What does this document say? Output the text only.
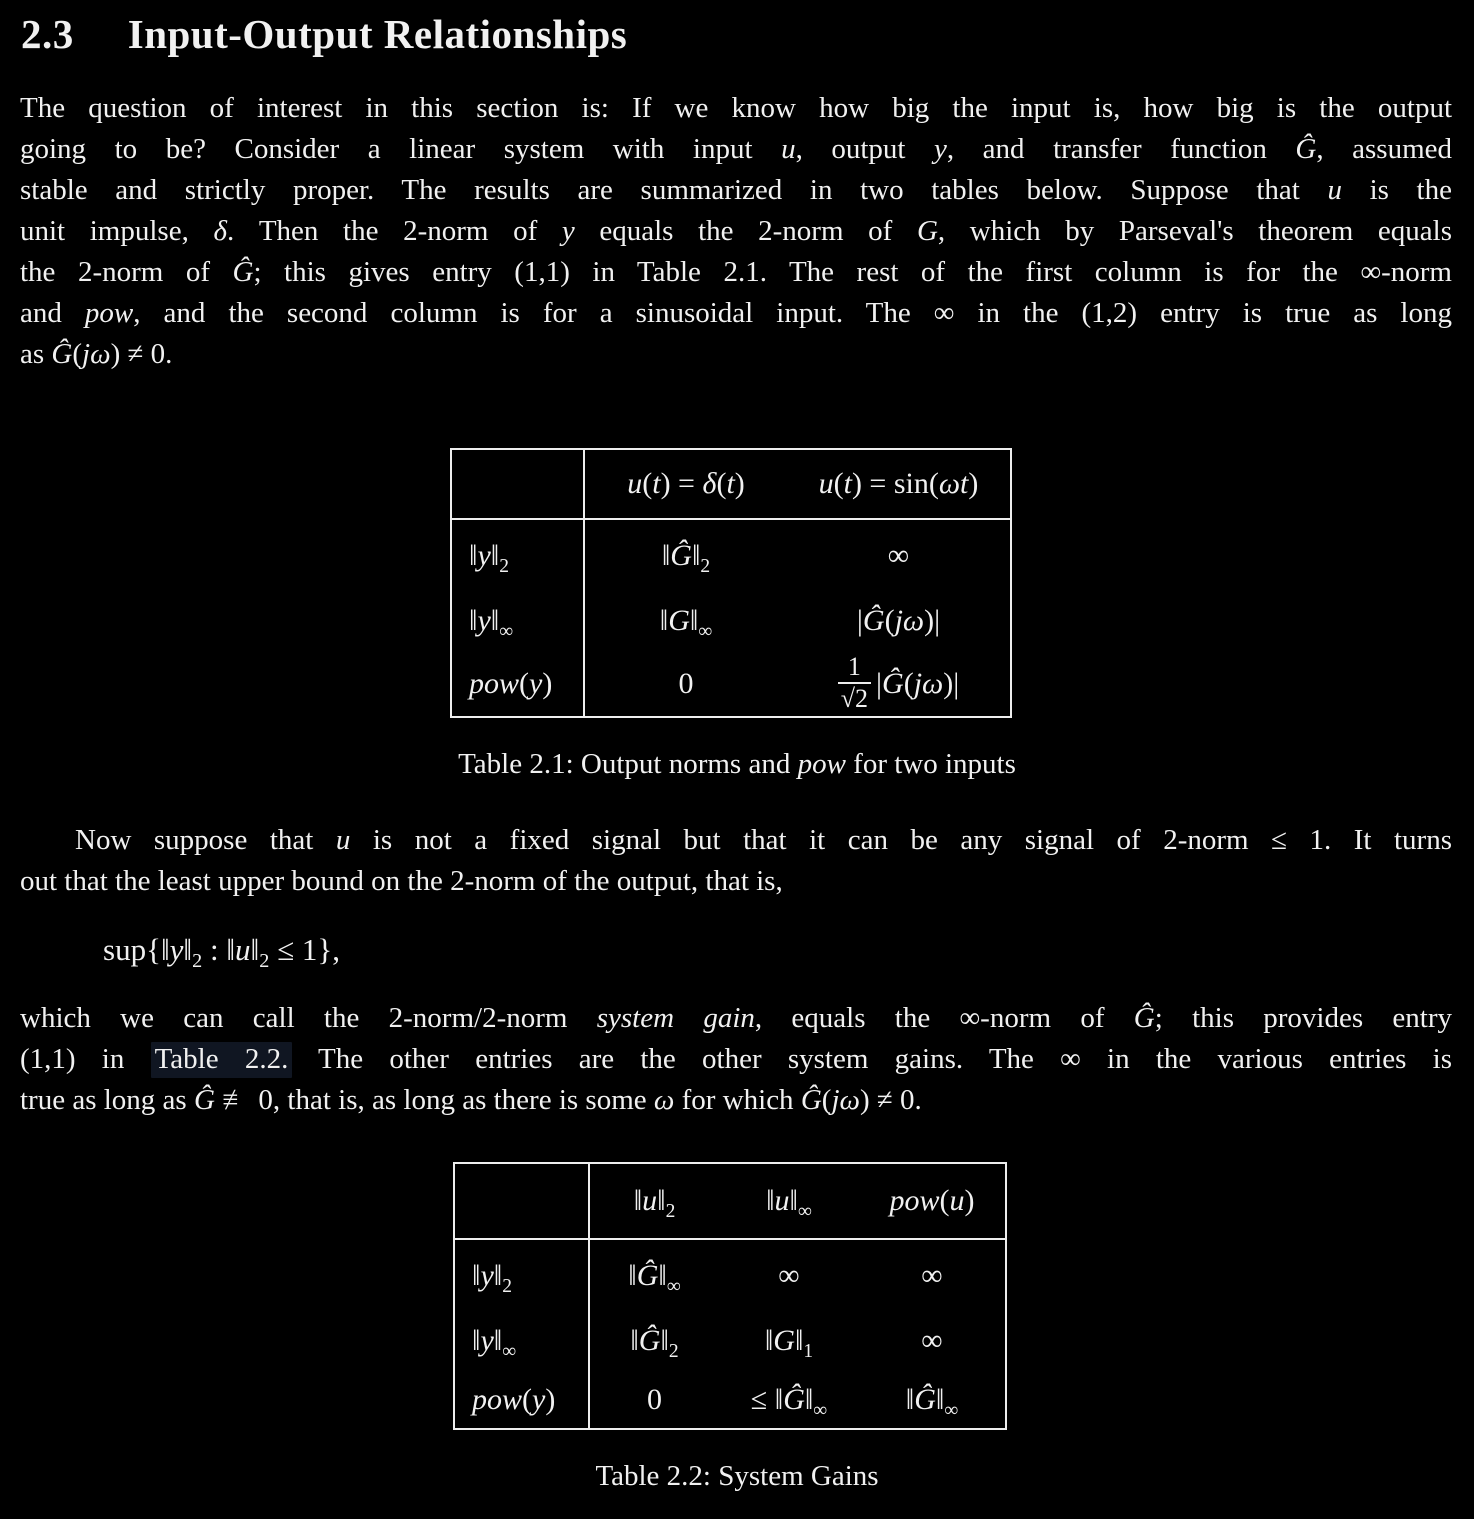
2.3 Input-Output Relationships
The question of interest in this section is: If we know how big the input is, how big is the output
going to be? Consider a linear system with input u, output y, and transfer function Ĝ, assumed
stable and strictly proper. The results are summarized in two tables below. Suppose that u is the
unit impulse, δ. Then the 2-norm of y equals the 2-norm of G, which by Parseval's theorem equals
the 2-norm of Ĝ; this gives entry (1,1) in Table 2.1. The rest of the first column is for the ∞-norm
and pow, and the second column is for a sinusoidal input. The ∞ in the (1,2) entry is true as long
as Ĝ(jω) ≠ 0.
	u(t) = δ(t)	u(t) = sin(ωt)
$‖y‖_2$	$‖Ĝ‖_2$	∞
$‖y‖_\infty$	$‖G‖_\infty$	|Ĝ(jω)|
pow(y)	0	$\frac{1}{√2}$ |Ĝ(jω)|
Table 2.1: Output norms and pow for two inputs
Now suppose that u is not a fixed signal but that it can be any signal of 2-norm ≤ 1. It turns
out that the least upper bound on the 2-norm of the output, that is,
$sup\{‖y‖_2$ : $‖u‖_2 \le 1$},
which we can call the 2-norm/2-norm system gain, equals the ∞-norm of Ĝ; this provides entry
(1,1) in Table 2.2. The other entries are the other system gains. The ∞ in the various entries is
true as long as Ĝ ≢ 0, that is, as long as there is some ω for which Ĝ(jω) ≠ 0.
	$‖u‖_2$	$‖u‖_\infty$	pow(u)
$‖y‖_2$	$‖Ĝ‖_\infty$	∞	∞
$‖y‖_\infty$	$‖Ĝ‖_2$	$‖G‖_1$	∞
pow(y)	0	≤ $‖Ĝ‖_\infty$	$‖Ĝ‖_\infty$
Table 2.2: System Gains
